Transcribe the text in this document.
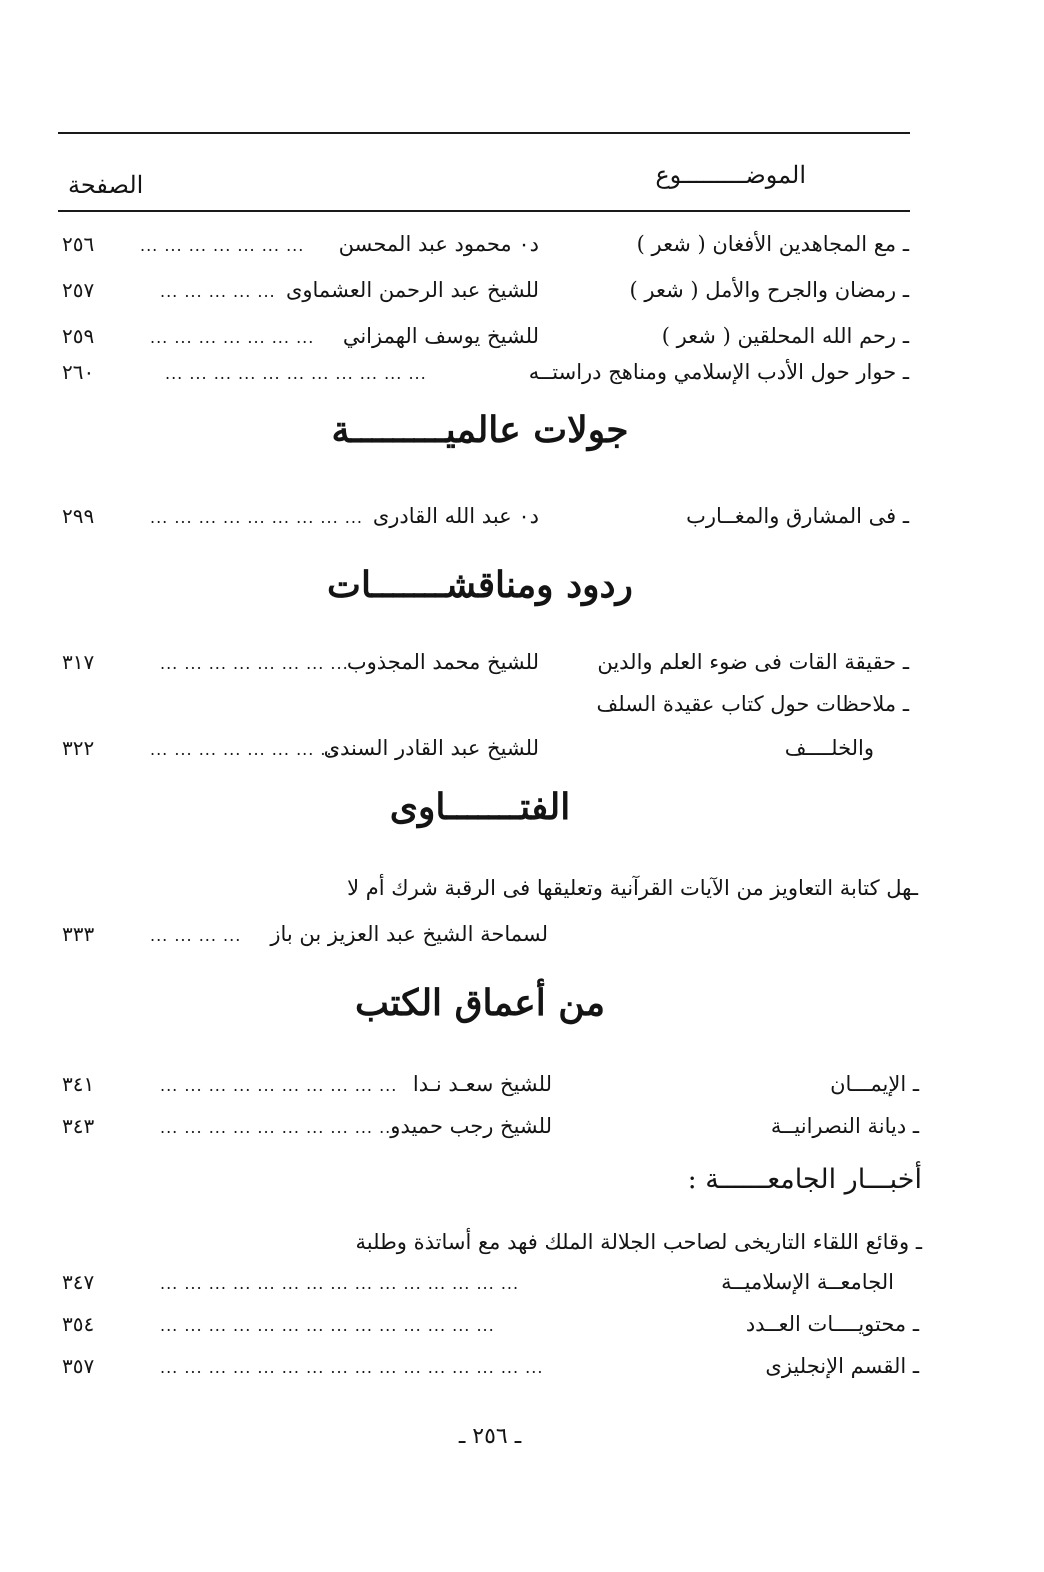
الموضـــــــــوع
الصفحة
ـ مع المجاهدين الأفغان ( شعر )
د٠ محمود عبد المحسن
... ... ... ... ... ... ...
٢٥٦
ـ رمضان والجرح والأمل ( شعر )
للشيخ عبد الرحمن العشماوى
... ... ... ... ...
٢٥٧
ـ رحم الله المحلقين ( شعر )
للشيخ يوسف الهمزاني
... ... ... ... ... ... ...
٢٥٩
ـ حوار حول الأدب الإسلامي ومناهج دراستــه
... ... ... ... ... ... ... ... ... ... ...
٢٦٠
جولات عالميـــــــــة
ـ فى المشارق والمغــارب
د٠ عبد الله القادرى
... ... ... ... ... ... ... ... ...
٢٩٩
ردود ومناقشـــــــات
ـ حقيقة القات فى ضوء العلم والدين
للشيخ محمد المجذوب
... ... ... ... ... ... ... ...
٣١٧
ـ ملاحظات حول كتاب عقيدة السلف
والخلــــف
للشيخ عبد القادر السندى
... ... ... ... ... ... ... ...
٣٢٢
الفتـــــــاوى
ـهل كتابة التعاويز من الآيات القرآنية وتعليقها فى الرقبة شرك أم لا
لسماحة الشيخ عبد العزيز بن باز
... ... ... ...
٣٣٣
من أعماق الكتب
ـ الإيمـــان
للشيخ سعـد نـدا
... ... ... ... ... ... ... ... ... ...
٣٤١
ـ ديانة النصرانيــة
للشيخ رجب حميدو
... ... ... ... ... ... ... ... ... ...
٣٤٣
أخبـــار الجامعــــــة :
ـ وقائع اللقاء التاريخى لصاحب الجلالة الملك فهد مع أساتذة وطلبة
الجامعــة الإسلاميــة
... ... ... ... ... ... ... ... ... ... ... ... ... ... ...
٣٤٧
ـ محتويــــات العــدد
... ... ... ... ... ... ... ... ... ... ... ... ... ...
٣٥٤
ـ القسم الإنجليزى
... ... ... ... ... ... ... ... ... ... ... ... ... ... ... ...
٣٥٧
ـ ٢٥٦ ـ
